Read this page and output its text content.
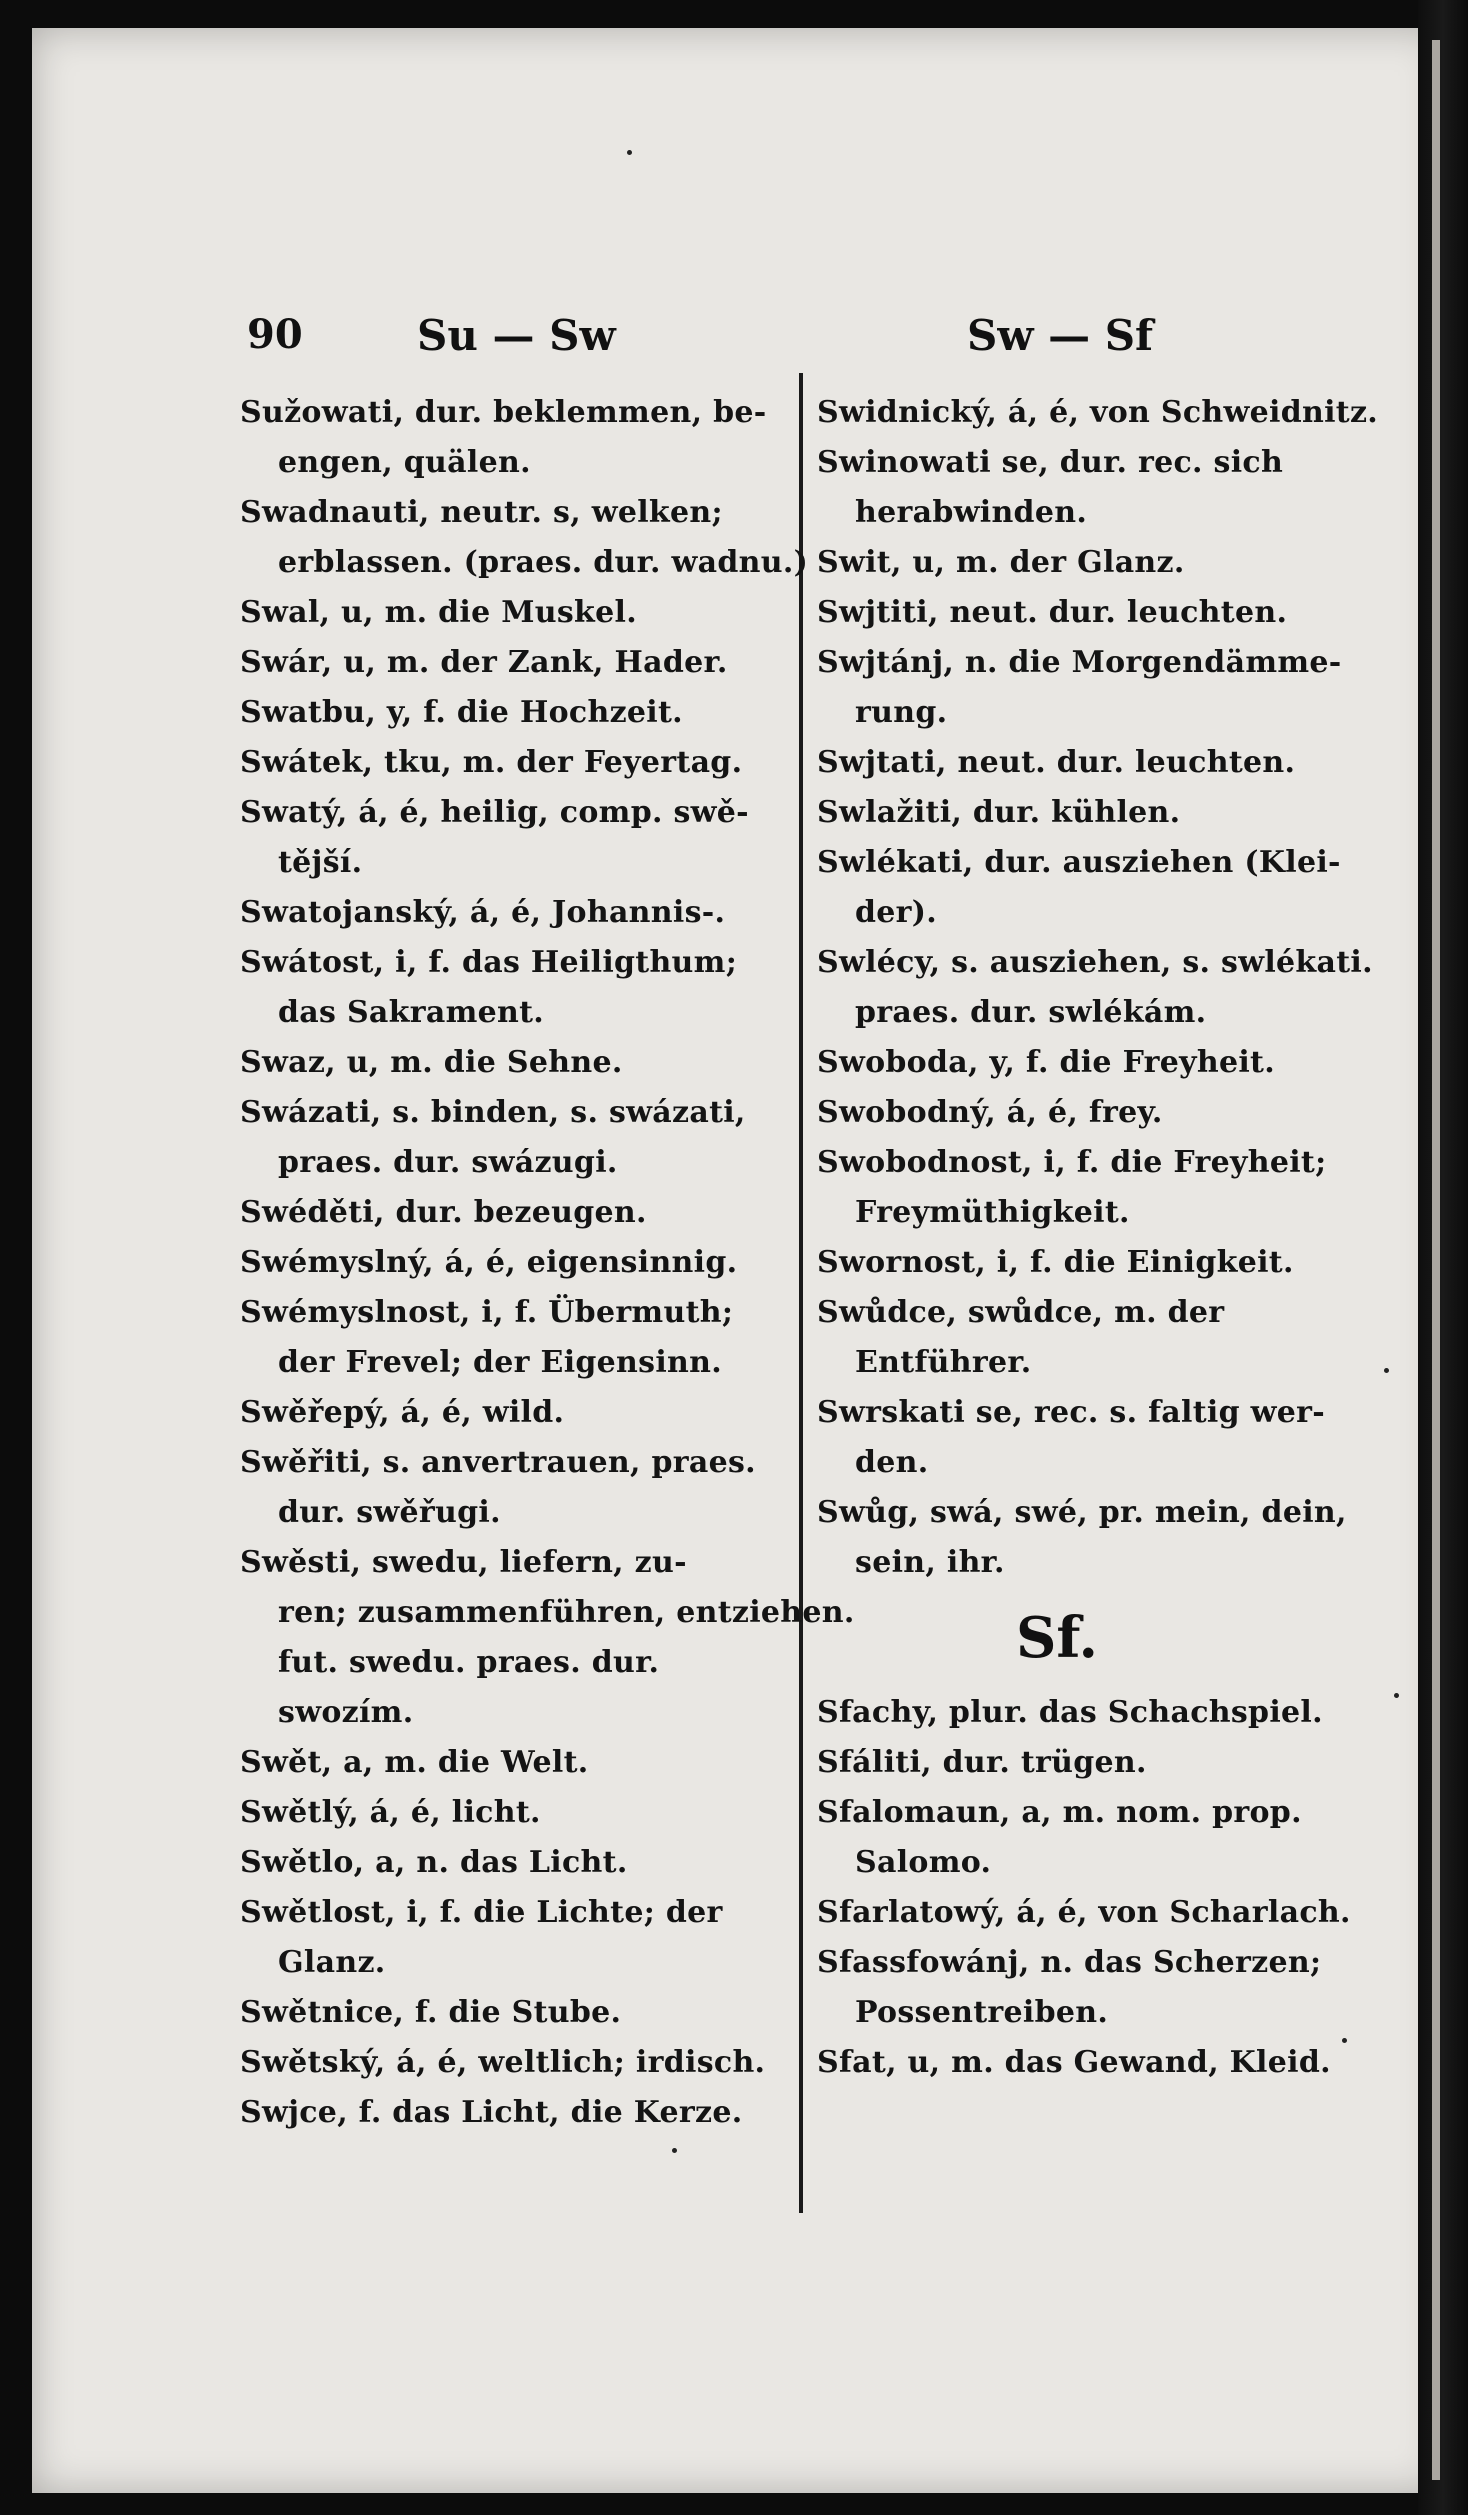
90	Su — Sw	Sw — Sf
Sužowati, dur. beklemmen, be-
engen, quälen.
Swadnauti, neutr. s, welken;
erblassen. (praes. dur. wadnu.)
Swal, u, m. die Muskel.
Swár, u, m. der Zank, Hader.
Swatbu, y, f. die Hochzeit.
Swátek, tku, m. der Feyertag.
Swatý, á, é, heilig, comp. swě-
tější.
Swatojanský, á, é, Johannis-.
Swátost, i, f. das Heiligthum;
das Sakrament.
Swaz, u, m. die Sehne.
Swázati, s. binden, s. swázati,
praes. dur. swázugi.
Swéděti, dur. bezeugen.
Swémyslný, á, é, eigensinnig.
Swémyslnost, i, f. Übermuth;
der Frevel; der Eigensinn.
Swěřepý, á, é, wild.
Swěřiti, s. anvertrauen, praes.
dur. swěřugi.
Swěsti, swedu, liefern, zu-
ren; zusammenführen, entziehen.
fut. swedu. praes. dur.
swozím.
Swět, a, m. die Welt.
Swětlý, á, é, licht.
Swětlo, a, n. das Licht.
Swětlost, i, f. die Lichte; der
Glanz.
Swětnice, f. die Stube.
Swětský, á, é, weltlich; irdisch.
Swjce, f. das Licht, die Kerze.
Swidnický, á, é, von Schweidnitz.
Swinowati se, dur. rec. sich
herabwinden.
Swit, u, m. der Glanz.
Swjtiti, neut. dur. leuchten.
Swjtánj, n. die Morgendämme-
rung.
Swjtati, neut. dur. leuchten.
Swlažiti, dur. kühlen.
Swlékati, dur. ausziehen (Klei-
der).
Swlécy, s. ausziehen, s. swlékati.
praes. dur. swlékám.
Swoboda, y, f. die Freyheit.
Swobodný, á, é, frey.
Swobodnost, i, f. die Freyheit;
Freymüthigkeit.
Swornost, i, f. die Einigkeit.
Swůdce, swůdce, m. der
Entführer.
Swrskati se, rec. s. faltig wer-
den.
Swůg, swá, swé, pr. mein, dein,
sein, ihr.
Sf.
Sfachy, plur. das Schachspiel.
Sfáliti, dur. trügen.
Sfalomaun, a, m. nom. prop.
Salomo.
Sfarlatowý, á, é, von Scharlach.
Sfassfowánj, n. das Scherzen;
Possentreiben.
Sfat, u, m. das Gewand, Kleid.
